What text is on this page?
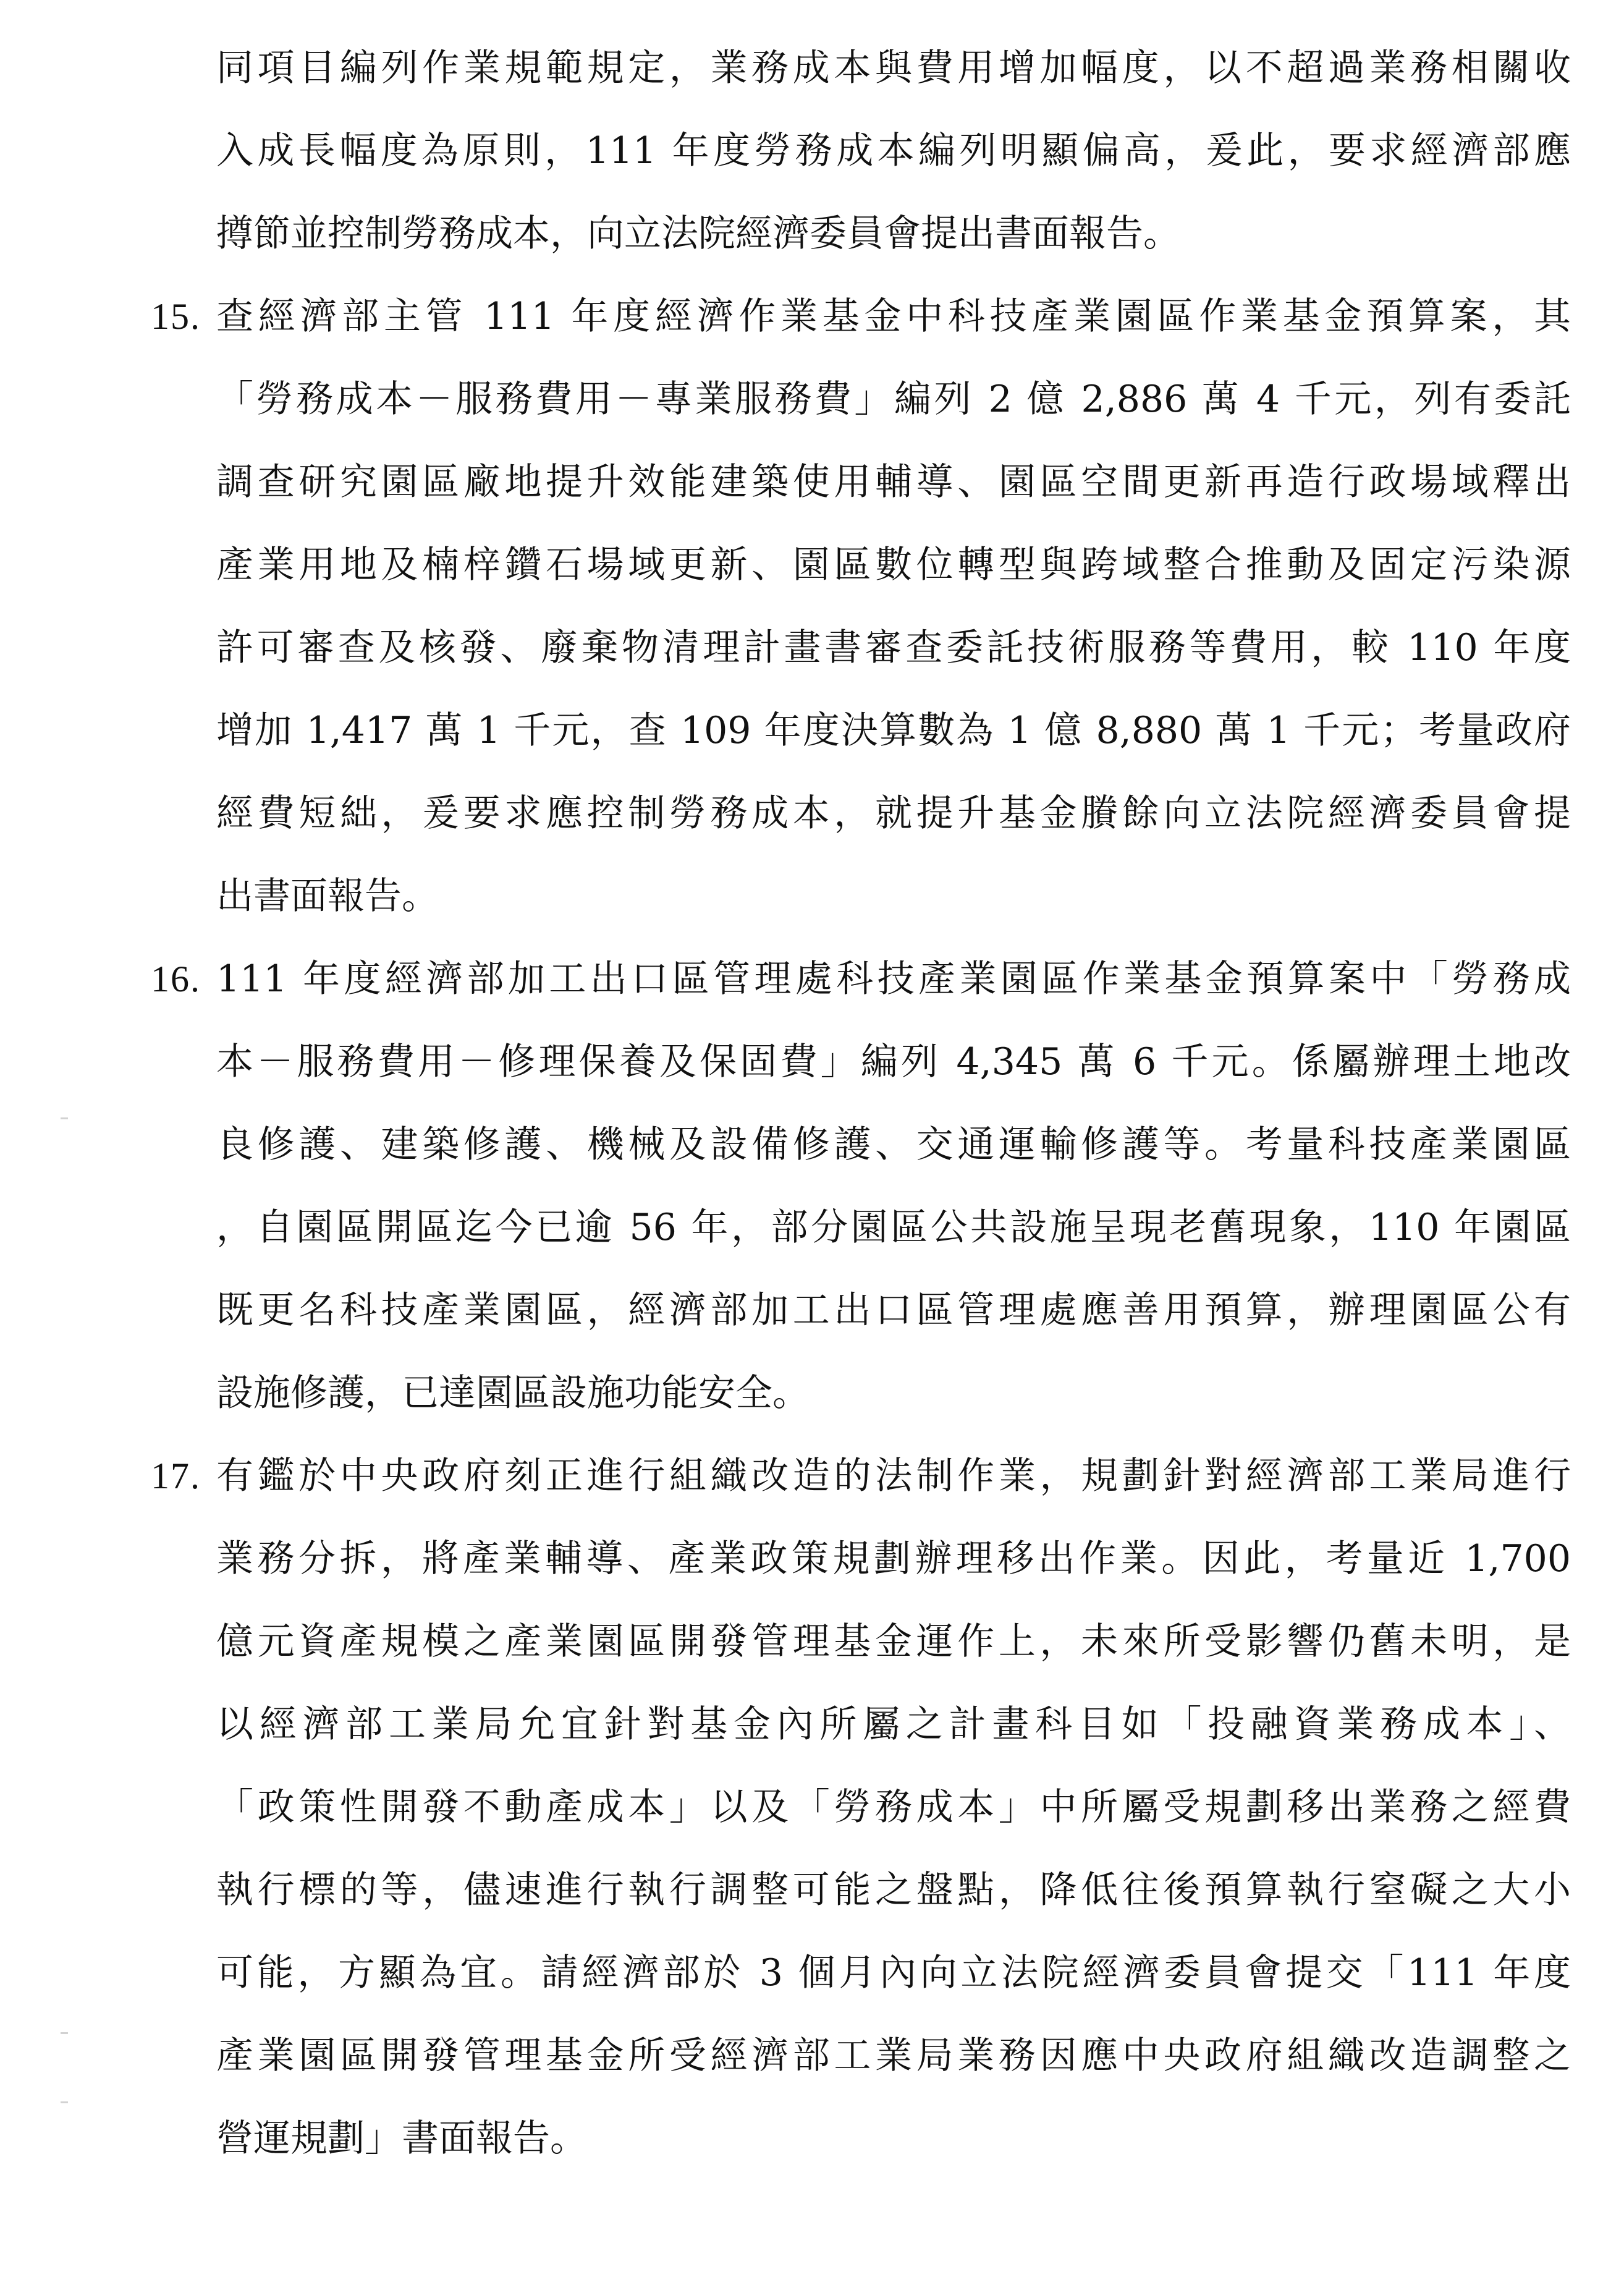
同項目編列作業規範規定，業務成本與費用增加幅度，以不超過業務相關收
入成長幅度為原則，111 年度勞務成本編列明顯偏高，爰此，要求經濟部應
撙節並控制勞務成本，向立法院經濟委員會提出書面報告。
15. 查經濟部主管 111 年度經濟作業基金中科技產業園區作業基金預算案，其
「勞務成本－服務費用－專業服務費」編列 2 億 2,886 萬 4 千元，列有委託
調查研究園區廠地提升效能建築使用輔導、園區空間更新再造行政場域釋出
產業用地及楠梓鑽石場域更新、園區數位轉型與跨域整合推動及固定污染源
許可審查及核發、廢棄物清理計畫書審查委託技術服務等費用，較 110 年度
增加 1,417 萬 1 千元，查 109 年度決算數為 1 億 8,880 萬 1 千元；考量政府
經費短絀，爰要求應控制勞務成本，就提升基金賸餘向立法院經濟委員會提
出書面報告。
16. 111 年度經濟部加工出口區管理處科技產業園區作業基金預算案中「勞務成
本－服務費用－修理保養及保固費」編列 4,345 萬 6 千元。係屬辦理土地改
良修護、建築修護、機械及設備修護、交通運輸修護等。考量科技產業園區
，自園區開區迄今已逾 56 年，部分園區公共設施呈現老舊現象，110 年園區
既更名科技產業園區，經濟部加工出口區管理處應善用預算，辦理園區公有
設施修護，已達園區設施功能安全。
17. 有鑑於中央政府刻正進行組織改造的法制作業，規劃針對經濟部工業局進行
業務分拆，將產業輔導、產業政策規劃辦理移出作業。因此，考量近 1,700
億元資產規模之產業園區開發管理基金運作上，未來所受影響仍舊未明，是
以經濟部工業局允宜針對基金內所屬之計畫科目如「投融資業務成本」、
「政策性開發不動產成本」以及「勞務成本」中所屬受規劃移出業務之經費
執行標的等，儘速進行執行調整可能之盤點，降低往後預算執行窒礙之大小
可能，方顯為宜。請經濟部於 3 個月內向立法院經濟委員會提交「111 年度
產業園區開發管理基金所受經濟部工業局業務因應中央政府組織改造調整之
營運規劃」書面報告。
